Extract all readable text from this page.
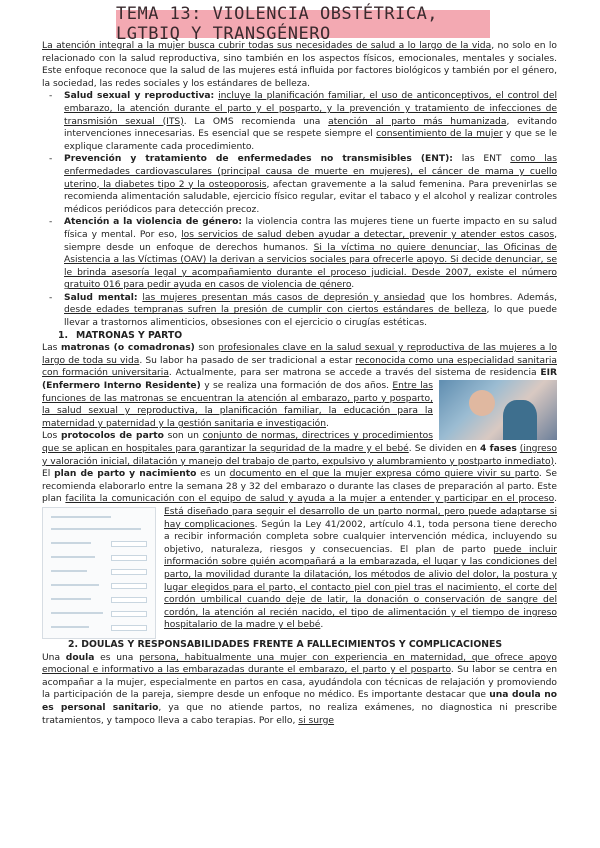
TEMA 13: VIOLENCIA OBSTÉTRICA, LGTBIQ Y TRANSGÉNERO

La atención integral a la mujer busca cubrir todas sus necesidades de salud a lo largo de la vida, no solo en lo relacionado con la salud reproductiva, sino también en los aspectos físicos, emocionales, mentales y sociales. Este enfoque reconoce que la salud de las mujeres está influida por factores biológicos y también por el género, la sociedad, las redes sociales y los estándares de belleza.

- Salud sexual y reproductiva: incluye la planificación familiar, el uso de anticonceptivos, el control del embarazo, la atención durante el parto y el posparto, y la prevención y tratamiento de infecciones de transmisión sexual (ITS). La OMS recomienda una atención al parto más humanizada, evitando intervenciones innecesarias. Es esencial que se respete siempre el consentimiento de la mujer y que se le explique claramente cada procedimiento.
- Prevención y tratamiento de enfermedades no transmisibles (ENT): las ENT como las enfermedades cardiovasculares (principal causa de muerte en mujeres), el cáncer de mama y cuello uterino, la diabetes tipo 2 y la osteoporosis, afectan gravemente a la salud femenina. Para prevenirlas se recomienda alimentación saludable, ejercicio físico regular, evitar el tabaco y el alcohol y realizar controles médicos periódicos para detección precoz.
- Atención a la violencia de género: la violencia contra las mujeres tiene un fuerte impacto en su salud física y mental. Por eso, los servicios de salud deben ayudar a detectar, prevenir y atender estos casos, siempre desde un enfoque de derechos humanos. Si la víctima no quiere denunciar, las Oficinas de Asistencia a las Víctimas (OAV) la derivan a servicios sociales para ofrecerle apoyo. Si decide denunciar, se le brinda asesoría legal y acompañamiento durante el proceso judicial. Desde 2007, existe el número gratuito 016 para pedir ayuda en casos de violencia de género.
- Salud mental: las mujeres presentan más casos de depresión y ansiedad que los hombres. Además, desde edades tempranas sufren la presión de cumplir con ciertos estándares de belleza, lo que puede llevar a trastornos alimenticios, obsesiones con el ejercicio o cirugías estéticas.
1. MATRONAS Y PARTO

Las matronas (o comadronas) son profesionales clave en la salud sexual y reproductiva de las mujeres a lo largo de toda su vida. Su labor ha pasado de ser tradicional a estar reconocida como una especialidad sanitaria con formación universitaria. Actualmente, para ser matrona se accede a través del sistema de residencia
EIR (Enfermero Interno Residente) y se realiza una formación de dos años. Entre las funciones de las matronas se encuentran la atención al embarazo, parto y posparto, la salud sexual y reproductiva, la planificación familiar, la educación para la maternidad y paternidad y la gestión sanitaria e investigación.

Los protocolos de parto son un conjunto de normas, directrices y procedimientos que se aplican en hospitales para garantizar la seguridad de la madre y el bebé. Se dividen en 4 fases (ingreso y valoración inicial, dilatación y manejo del trabajo de parto, expulsivo y alumbramiento y postparto inmediato). El plan de parto y nacimiento es un documento en el que la mujer expresa cómo quiere vivir su parto. Se recomienda elaborarlo entre la semana 28 y 32 del embarazo o durante las clases de preparación al parto. Este plan facilita la comunicación con el equipo de salud y ayuda a la mujer a entender y participar en el proceso.
Está diseñado para seguir el desarrollo de un parto normal, pero puede adaptarse si hay complicaciones. Según la Ley 41/2002, artículo 4.1, toda persona tiene derecho a recibir información completa sobre cualquier intervención médica, incluyendo su objetivo, naturaleza, riesgos y consecuencias. El plan de parto puede incluir información sobre quién acompañará a la embarazada, el lugar y las condiciones del parto, la movilidad durante la dilatación, los métodos de alivio del dolor, la postura y lugar elegidos para el parto, el contacto piel con piel tras el nacimiento, el corte del cordón umbilical cuando deje de latir, la donación o conservación de sangre del cordón, la atención al recién nacido, el tipo de alimentación y el tiempo de ingreso hospitalario de la madre y el bebé.

2. DOULAS Y RESPONSABILIDADES FRENTE A FALLECIMIENTOS Y COMPLICACIONES

Una doula es una persona, habitualmente una mujer con experiencia en maternidad, que ofrece apoyo emocional e informativo a las embarazadas durante el embarazo, el parto y el posparto. Su labor se centra en acompañar a la mujer, especialmente en partos en casa, ayudándola con técnicas de relajación y promoviendo la participación de la pareja, siempre desde un enfoque no médico. Es importante destacar que una doula no es personal sanitario, ya que no atiende partos, no realiza exámenes, no diagnostica ni prescribe tratamientos, y tampoco lleva a cabo terapias. Por ello, si surge
